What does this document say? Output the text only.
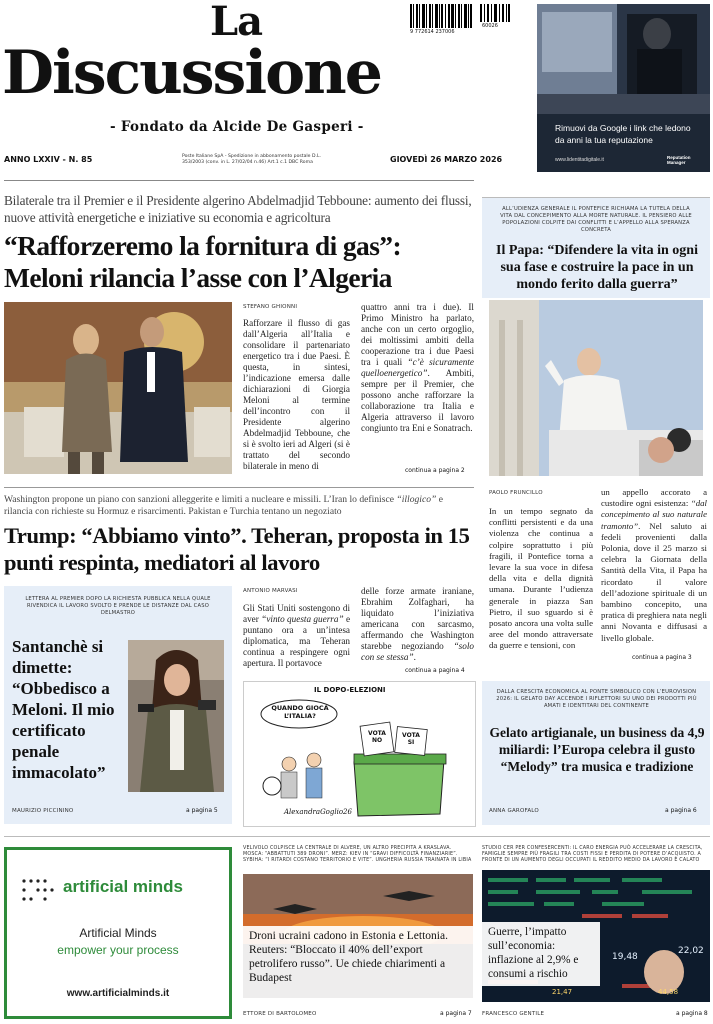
La
Discussione
- Fondato da Alcide De Gasperi -
9 772614 237006
60026
Rimuovi da Google i link che ledono da anni la tua reputazione
www.lidentitadigitale.it	Reputation Manager
ANNO LXXIV - N. 85	Poste Italiane SpA - Spedizione in abbonamento postale D.L. 353/2003 (conv. in L. 27/02/04 n.46) Art.1 c.1 DBC Roma	GIOVEDÌ 26 MARZO 2026
Bilaterale tra il Premier e il Presidente algerino Abdelmadjid Tebboune: aumento dei flussi, nuove attività energetiche e iniziative su economia e agricoltura
“Rafforzeremo la fornitura di gas”: Meloni rilancia l’asse con l’Algeria
STEFANO GHIONNI
Rafforzare il flusso di gas dall’Algeria all’Italia e consolidare il partenariato energetico tra i due Paesi. È questa, in sintesi, l’indicazione emersa dalle dichiarazioni di Giorgia Meloni al termine dell’incontro con il Presidente algerino Abdelmadjid Tebboune, che si è svolto ieri ad Algeri (si è trattato del secondo bilaterale in meno di
quattro anni tra i due). Il Primo Ministro ha parlato, anche con un certo orgoglio, dei moltissimi ambiti della cooperazione tra i due Paesi tra i quali “c’è sicuramente quelloenergetico”. Ambiti, sempre per il Premier, che possono anche rafforzare la collaborazione tra Italia e Algeria attraverso il lavoro congiunto tra Eni e Sonatrach.
continua a pagina 2
ALL’UDIENZA GENERALE IL PONTEFICE RICHIAMA LA TUTELA DELLA VITA DAL CONCEPIMENTO ALLA MORTE NATURALE. IL PENSIERO ALLE POPOLAZIONI COLPITE DAI CONFLITTI E L’APPELLO ALLA SPERANZA CONCRETA
Il Papa: “Difendere la vita in ogni sua fase e costruire la pace in un mondo ferito dalla guerra”
PAOLO FRUNCILLO
In un tempo segnato da conflitti persistenti e da una violenza che continua a colpire soprattutto i più fragili, il Pontefice torna a levare la sua voce in difesa della vita e della dignità umana. Durante l’udienza generale in piazza San Pietro, il suo sguardo si è posato ancora una volta sulle aree del mondo attraversate da guerre e tensioni, con
un appello accorato a custodire ogni esistenza: “dal concepimento al suo naturale tramonto”. Nel saluto ai fedeli provenienti dalla Polonia, dove il 25 marzo si celebra la Giornata della Santità della Vita, il Papa ha ricordato il valore dell’adozione spirituale di un bambino concepito, una pratica di preghiera nata negli anni Novanta e diffusasi a livello globale.
continua a pagina 3
Washington propone un piano con sanzioni alleggerite e limiti a nucleare e missili. L’Iran lo definisce “illogico” e rilancia con richieste su Hormuz e risarcimenti. Pakistan e Turchia tentano un negoziato
Trump: “Abbiamo vinto”. Teheran, proposta in 15 punti respinta, mediatori al lavoro
LETTERA AL PREMIER DOPO LA RICHIESTA PUBBLICA NELLA QUALE RIVENDICA IL LAVORO SVOLTO E PRENDE LE DISTANZE DAL CASO DELMASTRO
Santanchè si dimette: “Obbedisco a Meloni. Il mio certificato penale immacolato”
MAURIZIO PICCININO	a pagina 5
ANTONIO MARVASI
Gli Stati Uniti sostengono di aver “vinto questa guerra” e puntano ora a un’intesa diplomatica, ma Teheran continua a respingere ogni apertura. Il portavoce
delle forze armate iraniane, Ebrahim Zolfaghari, ha liquidato l’iniziativa americana con sarcasmo, affermando che Washington starebbe negoziando “solo con se stessa”.
continua a pagina 4
IL DOPO-ELEZIONI
QUANDO GIOCA L’ITALIA?
VOTA NO
VOTA SI
AlexandraGoglio26
DALLA CRESCITA ECONOMICA AL PONTE SIMBOLICO CON L’EUROVISION 2026: IL GELATO DAY ACCENDE I RIFLETTORI SU UNO DEI PRODOTTI PIÙ AMATI E IDENTITARI DEL CONTINENTE
Gelato artigianale, un business da 4,9 miliardi: l’Europa celebra il gusto “Melody” tra musica e tradizione
ANNA GAROFALO	a pagina 6
artificial minds
Artificial Minds
empower your process
www.artificialminds.it
VELIVOLO COLPISCE LA CENTRALE DI ALVERE, UN ALTRO PRECIPITA A KRASLAVA. MOSCA: “ABBATTUTI 389 DRONI”. MERZ: KIEV IN “GRAVI DIFFICOLTÀ FINANZIARIE”. SYBIHA: “I RITARDI COSTANO TERRITORIO E VITE”. UNGHERIA RUSSIA TRAINATA IN LIBIA
Droni ucraini cadono in Estonia e Lettonia. Reuters: “Bloccato il 40% dell’export petrolifero russo”. Ue chiede chiarimenti a Budapest
ETTORE DI BARTOLOMEO	a pagina 7
STUDIO CER PER CONFESERCENTI: IL CARO ENERGIA PUÒ ACCELERARE LA CRESCITA, FAMIGLIE SEMPRE PIÙ FRAGILI TRA COSTI FISSI E PERDITA DI POTERE D’ACQUISTO. A FRONTE DI UN AUMENTO DEGLI OCCUPATI IL REDDITO MEDIO DA LAVORO È CALATO
19,48
22,02
21,47	44,58
Guerre, l’impatto sull’economia: inflazione al 2,9% e consumi a rischio
FRANCESCO GENTILE	a pagina 8
